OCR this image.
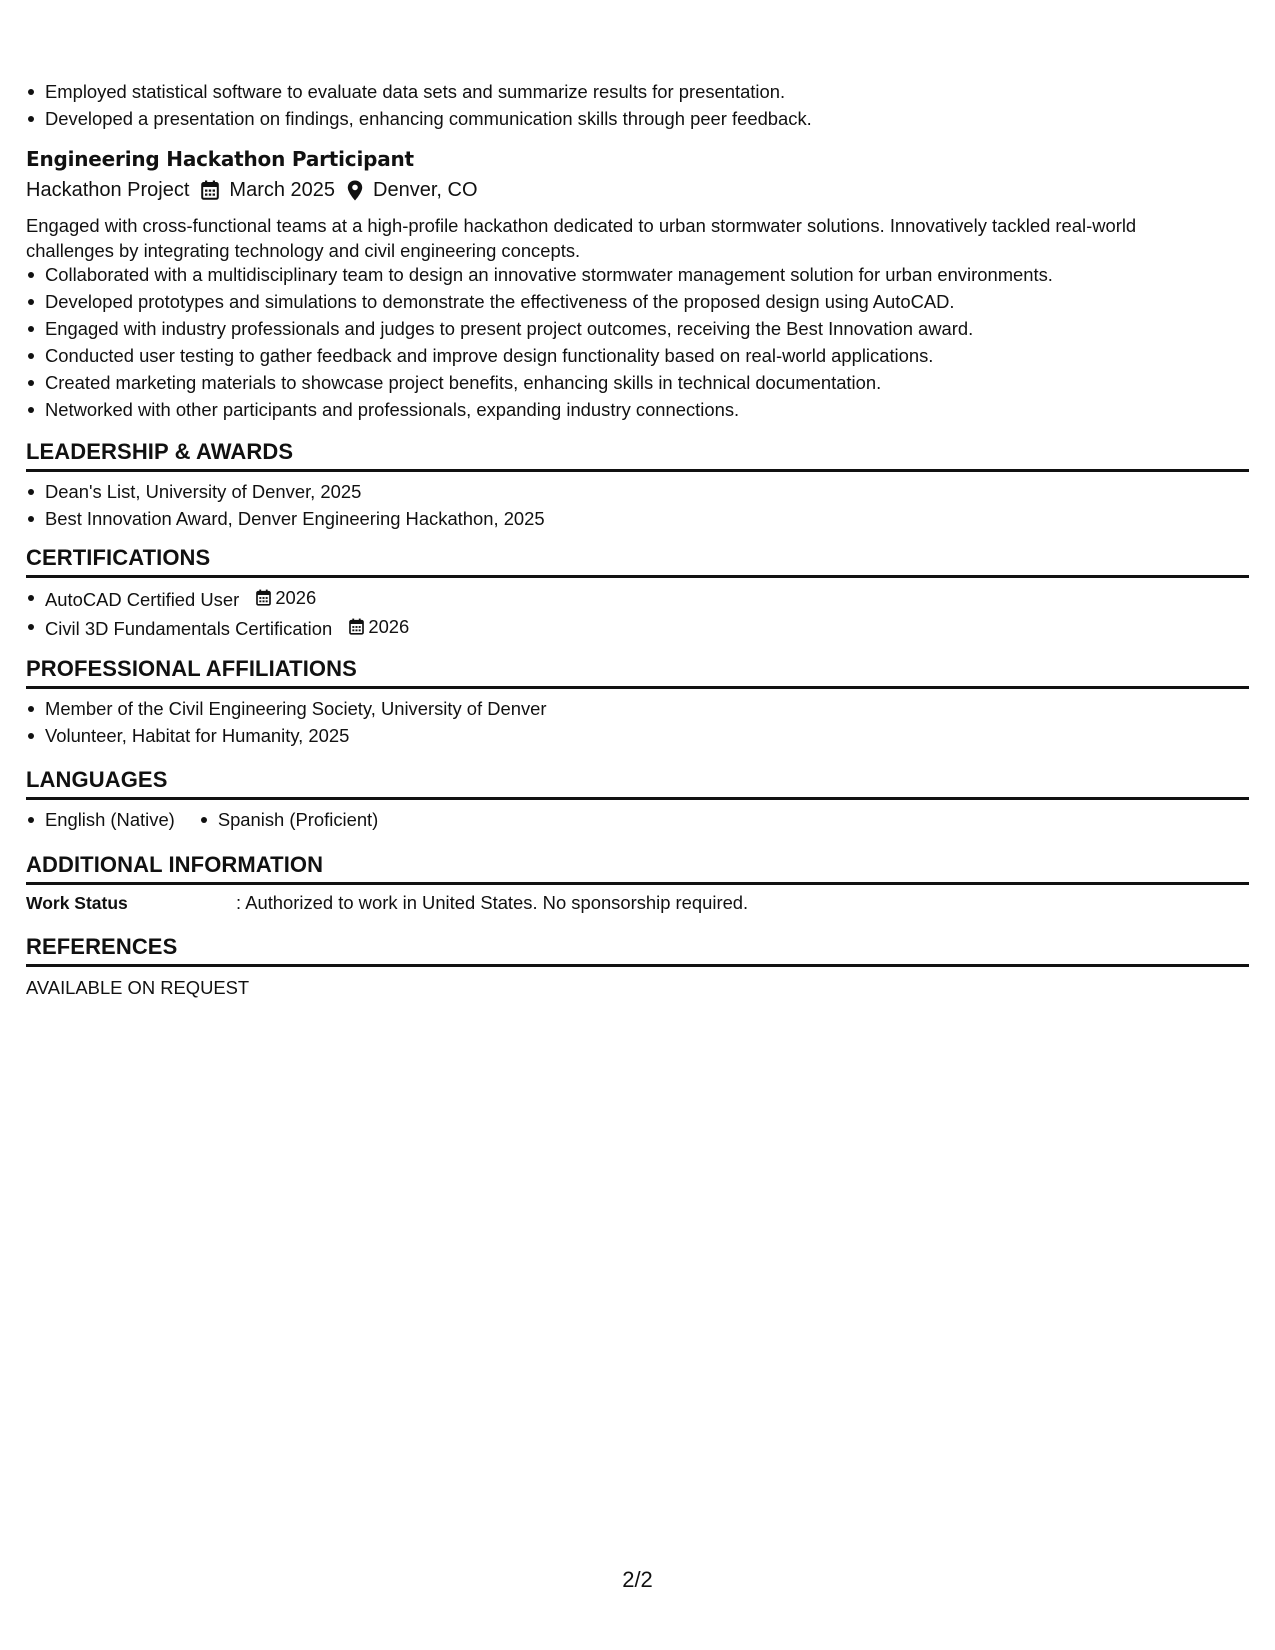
Employed statistical software to evaluate data sets and summarize results for presentation.
Developed a presentation on findings, enhancing communication skills through peer feedback.
Engineering Hackathon Participant
Hackathon Project March 2025 Denver, CO

Engaged with cross-functional teams at a high-profile hackathon dedicated to urban stormwater solutions. Innovatively tackled real-world challenges by integrating technology and civil engineering concepts.

Collaborated with a multidisciplinary team to design an innovative stormwater management solution for urban environments.
Developed prototypes and simulations to demonstrate the effectiveness of the proposed design using AutoCAD.
Engaged with industry professionals and judges to present project outcomes, receiving the Best Innovation award.
Conducted user testing to gather feedback and improve design functionality based on real-world applications.
Created marketing materials to showcase project benefits, enhancing skills in technical documentation.
Networked with other participants and professionals, expanding industry connections.
LEADERSHIP & AWARDS
Dean's List, University of Denver, 2025
Best Innovation Award, Denver Engineering Hackathon, 2025
CERTIFICATIONS
AutoCAD Certified User 2026
Civil 3D Fundamentals Certification 2026
PROFESSIONAL AFFILIATIONS
Member of the Civil Engineering Society, University of Denver
Volunteer, Habitat for Humanity, 2025
LANGUAGES
English (Native)	Spanish (Proficient)
ADDITIONAL INFORMATION
Work Status	: Authorized to work in United States. No sponsorship required.
REFERENCES
AVAILABLE ON REQUEST
2/2
